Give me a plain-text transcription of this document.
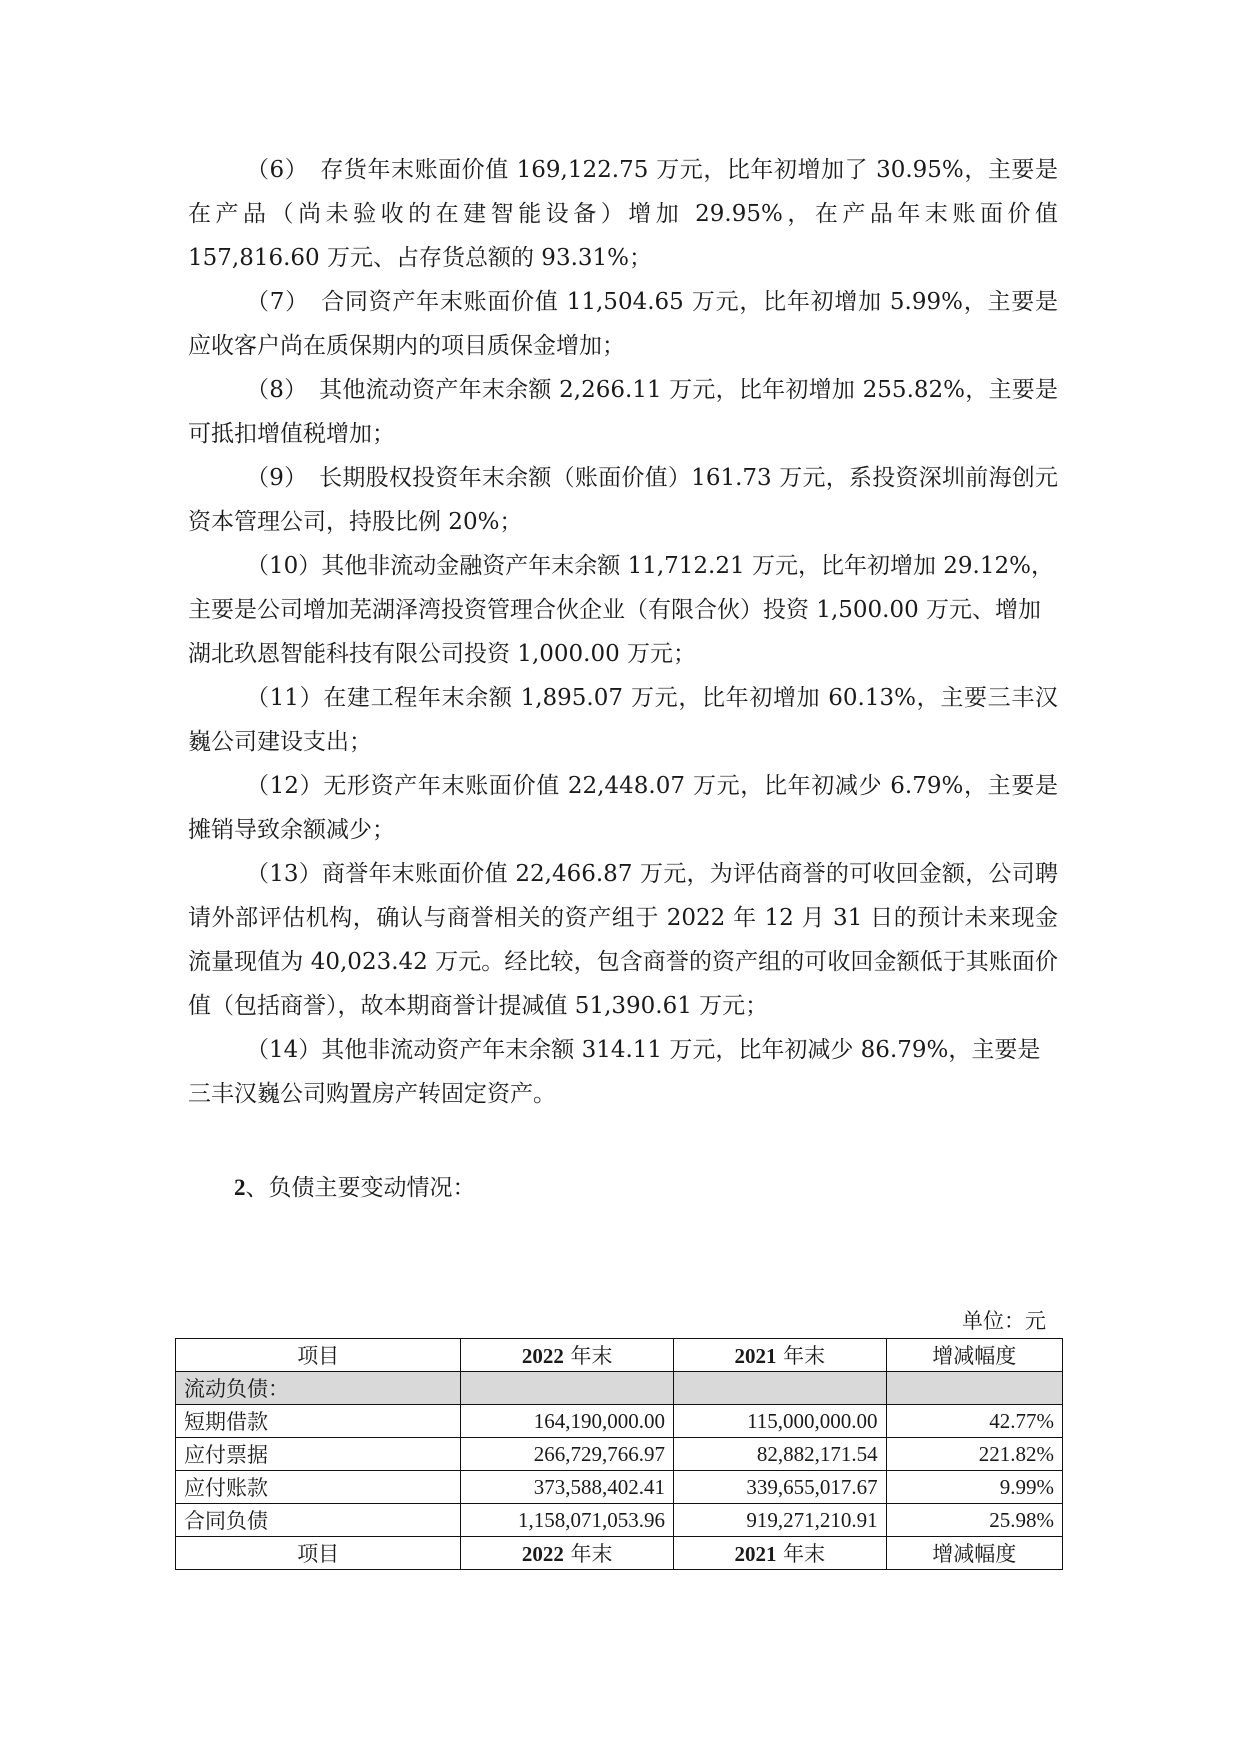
（6）　存货年末账面价值 169,122.75 万元，比年初增加了 30.95%，主要是在产品（尚未验收的在建智能设备）增加 29.95%，在产品年末账面价值 157,816.60 万元、占存货总额的 93.31%；

（7）　合同资产年末账面价值 11,504.65 万元，比年初增加 5.99%，主要是应收客户尚在质保期内的项目质保金增加；

（8）　其他流动资产年末余额 2,266.11 万元，比年初增加 255.82%，主要是可抵扣增值税增加；

（9）　长期股权投资年末余额（账面价值）161.73 万元，系投资深圳前海创元资本管理公司，持股比例 20%；

（10）其他非流动金融资产年末余额 11,712.21 万元，比年初增加 29.12%，

主要是公司增加芜湖泽湾投资管理合伙企业（有限合伙）投资 1,500.00 万元、增加湖北玖恩智能科技有限公司投资 1,000.00 万元；

（11）在建工程年末余额 1,895.07 万元，比年初增加 60.13%，主要三丰汉巍公司建设支出；

（12）无形资产年末账面价值 22,448.07 万元，比年初减少 6.79%，主要是摊销导致余额减少；

（13）商誉年末账面价值 22,466.87 万元，为评估商誉的可收回金额，公司聘请外部评估机构，确认与商誉相关的资产组于 2022 年 12 月 31 日的预计未来现金流量现值为 40,023.42 万元。经比较，包含商誉的资产组的可收回金额低于其账面价值（包括商誉），故本期商誉计提减值 51,390.61 万元；

（14）其他非流动资产年末余额 314.11 万元，比年初减少 86.79%，主要是

三丰汉巍公司购置房产转固定资产。

2、负债主要变动情况：

单位：元
项目	2022 年末	2021 年末	增减幅度
流动负债：			
短期借款	164,190,000.00	115,000,000.00	42.77%
应付票据	266,729,766.97	82,882,171.54	221.82%
应付账款	373,588,402.41	339,655,017.67	9.99%
合同负债	1,158,071,053.96	919,271,210.91	25.98%
项目	2022 年末	2021 年末	增减幅度
